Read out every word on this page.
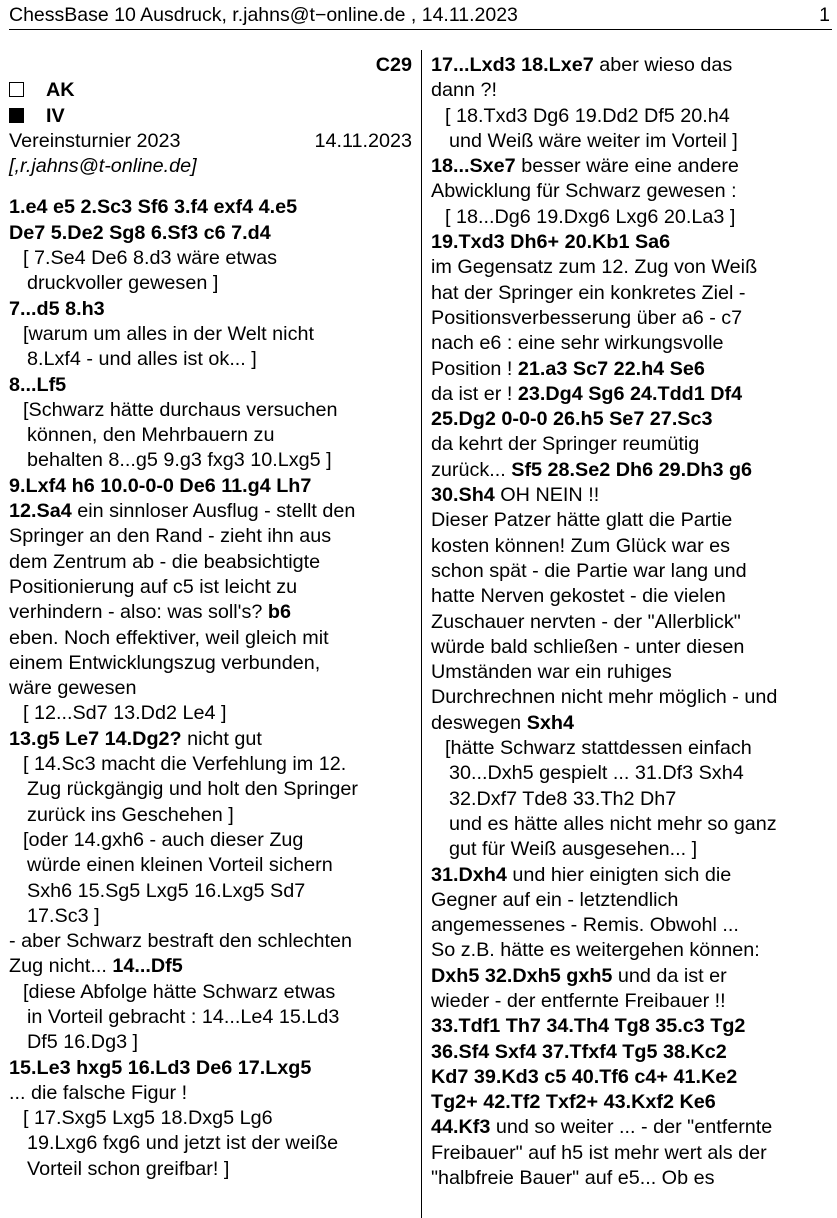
ChessBase 10 Ausdruck, r.jahns@t−online.de , 14.11.2023	1
C29
AK
IV
Vereinsturnier 2023	14.11.2023
[,r.jahns@t-online.de]
1.e4 e5 2.Sc3 Sf6 3.f4 exf4 4.e5
De7 5.De2 Sg8 6.Sf3 c6 7.d4
[ 7.Se4 De6 8.d3 wäre etwas
druckvoller gewesen ]
7...d5 8.h3
[warum um alles in der Welt nicht
8.Lxf4 - und alles ist ok... ]
8...Lf5
[Schwarz hätte durchaus versuchen
können, den Mehrbauern zu
behalten 8...g5 9.g3 fxg3 10.Lxg5 ]
9.Lxf4 h6 10.0-0-0 De6 11.g4 Lh7
12.Sa4 ein sinnloser Ausflug - stellt den
Springer an den Rand - zieht ihn aus
dem Zentrum ab - die beabsichtigte
Positionierung auf c5 ist leicht zu
verhindern - also: was soll's? b6
eben. Noch effektiver, weil gleich mit
einem Entwicklungszug verbunden,
wäre gewesen
[ 12...Sd7 13.Dd2 Le4 ]
13.g5 Le7 14.Dg2? nicht gut
[ 14.Sc3 macht die Verfehlung im 12.
Zug rückgängig und holt den Springer
zurück ins Geschehen ]
[oder 14.gxh6 - auch dieser Zug
würde einen kleinen Vorteil sichern
Sxh6 15.Sg5 Lxg5 16.Lxg5 Sd7
17.Sc3 ]
- aber Schwarz bestraft den schlechten
Zug nicht... 14...Df5
[diese Abfolge hätte Schwarz etwas
in Vorteil gebracht : 14...Le4 15.Ld3
Df5 16.Dg3 ]
15.Le3 hxg5 16.Ld3 De6 17.Lxg5
... die falsche Figur !
[ 17.Sxg5 Lxg5 18.Dxg5 Lg6
19.Lxg6 fxg6 und jetzt ist der weiße
Vorteil schon greifbar! ]
17...Lxd3 18.Lxe7 aber wieso das
dann ?!
[ 18.Txd3 Dg6 19.Dd2 Df5 20.h4
und Weiß wäre weiter im Vorteil ]
18...Sxe7 besser wäre eine andere
Abwicklung für Schwarz gewesen :
[ 18...Dg6 19.Dxg6 Lxg6 20.La3 ]
19.Txd3 Dh6+ 20.Kb1 Sa6
im Gegensatz zum 12. Zug von Weiß
hat der Springer ein konkretes Ziel -
Positionsverbesserung über a6 - c7
nach e6 : eine sehr wirkungsvolle
Position ! 21.a3 Sc7 22.h4 Se6
da ist er ! 23.Dg4 Sg6 24.Tdd1 Df4
25.Dg2 0-0-0 26.h5 Se7 27.Sc3
da kehrt der Springer reumütig
zurück... Sf5 28.Se2 Dh6 29.Dh3 g6
30.Sh4 OH NEIN !!
Dieser Patzer hätte glatt die Partie
kosten können! Zum Glück war es
schon spät - die Partie war lang und
hatte Nerven gekostet - die vielen
Zuschauer nervten - der "Allerblick"
würde bald schließen - unter diesen
Umständen war ein ruhiges
Durchrechnen nicht mehr möglich - und
deswegen Sxh4
[hätte Schwarz stattdessen einfach
30...Dxh5 gespielt ... 31.Df3 Sxh4
32.Dxf7 Tde8 33.Th2 Dh7
und es hätte alles nicht mehr so ganz
gut für Weiß ausgesehen... ]
31.Dxh4 und hier einigten sich die
Gegner auf ein - letztendlich
angemessenes - Remis. Obwohl ...
So z.B. hätte es weitergehen können:
Dxh5 32.Dxh5 gxh5 und da ist er
wieder - der entfernte Freibauer !!
33.Tdf1 Th7 34.Th4 Tg8 35.c3 Tg2
36.Sf4 Sxf4 37.Tfxf4 Tg5 38.Kc2
Kd7 39.Kd3 c5 40.Tf6 c4+ 41.Ke2
Tg2+ 42.Tf2 Txf2+ 43.Kxf2 Ke6
44.Kf3 und so weiter ... - der "entfernte
Freibauer" auf h5 ist mehr wert als der
"halbfreie Bauer" auf e5... Ob es
